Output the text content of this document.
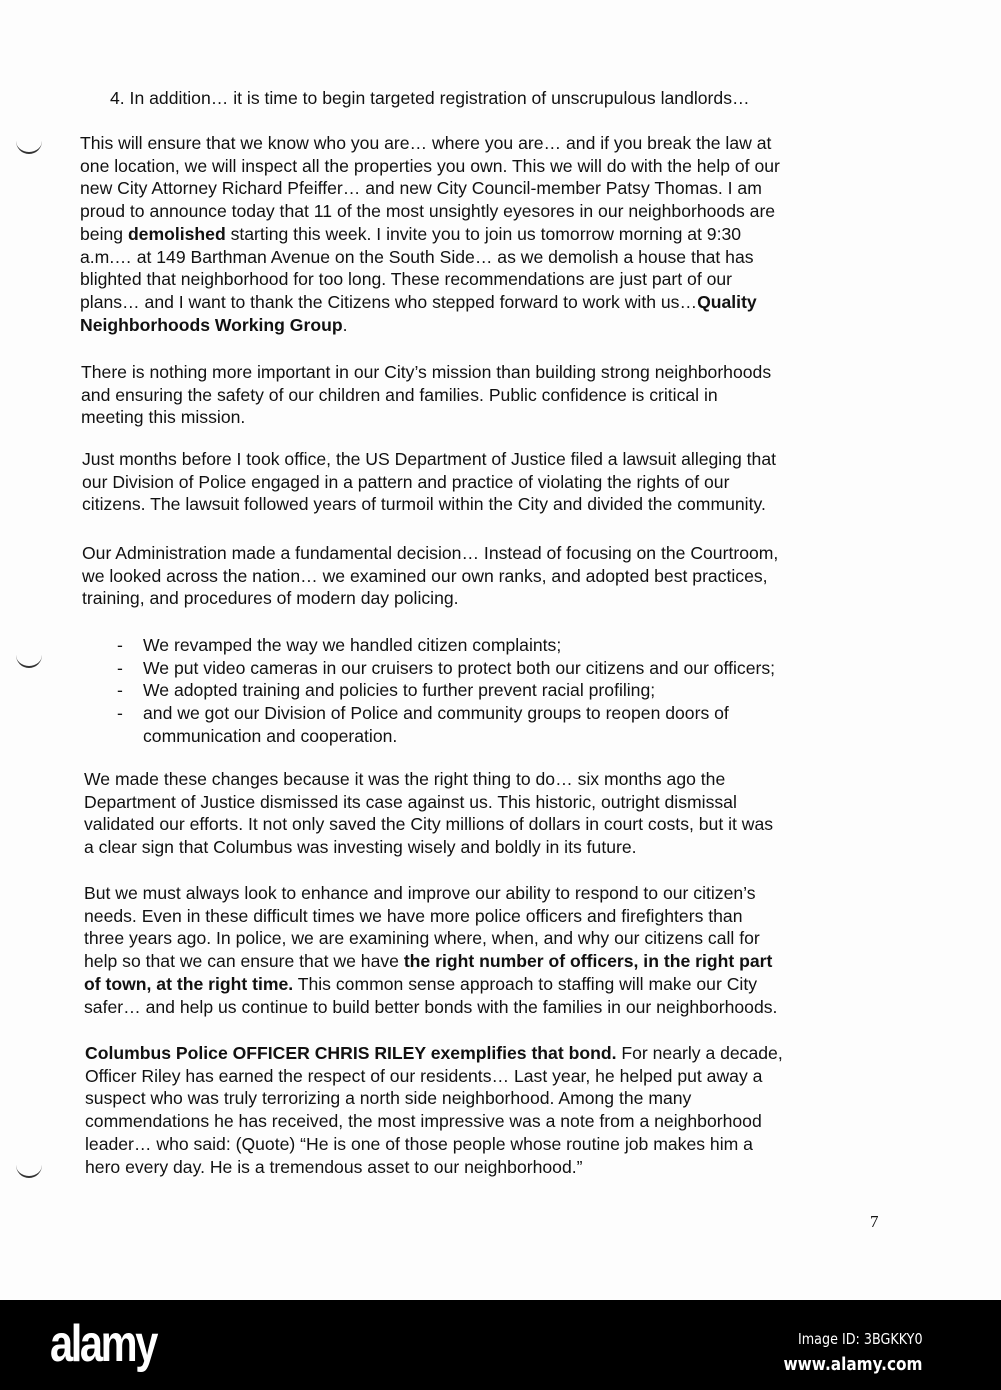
4. In addition… it is time to begin targeted registration of unscrupulous landlords…
This will ensure that we know who you are… where you are… and if you break the law at
one location, we will inspect all the properties you own. This we will do with the help of our
new City Attorney Richard Pfeiffer… and new City Council-member Patsy Thomas. I am
proud to announce today that 11 of the most unsightly eyesores in our neighborhoods are
being demolished starting this week. I invite you to join us tomorrow morning at 9:30
a.m.… at 149 Barthman Avenue on the South Side… as we demolish a house that has
blighted that neighborhood for too long. These recommendations are just part of our
plans… and I want to thank the Citizens who stepped forward to work with us…Quality
Neighborhoods Working Group.
There is nothing more important in our City’s mission than building strong neighborhoods
and ensuring the safety of our children and families. Public confidence is critical in
meeting this mission.
Just months before I took office, the US Department of Justice filed a lawsuit alleging that
our Division of Police engaged in a pattern and practice of violating the rights of our
citizens. The lawsuit followed years of turmoil within the City and divided the community.
Our Administration made a fundamental decision… Instead of focusing on the Courtroom,
we looked across the nation… we examined our own ranks, and adopted best practices,
training, and procedures of modern day policing.
- We revamped the way we handled citizen complaints;
- We put video cameras in our cruisers to protect both our citizens and our officers;
- We adopted training and policies to further prevent racial profiling;
- and we got our Division of Police and community groups to reopen doors of
communication and cooperation.
We made these changes because it was the right thing to do… six months ago the
Department of Justice dismissed its case against us. This historic, outright dismissal
validated our efforts. It not only saved the City millions of dollars in court costs, but it was
a clear sign that Columbus was investing wisely and boldly in its future.
But we must always look to enhance and improve our ability to respond to our citizen’s
needs. Even in these difficult times we have more police officers and firefighters than
three years ago. In police, we are examining where, when, and why our citizens call for
help so that we can ensure that we have the right number of officers, in the right part
of town, at the right time. This common sense approach to staffing will make our City
safer… and help us continue to build better bonds with the families in our neighborhoods.
Columbus Police OFFICER CHRIS RILEY exemplifies that bond. For nearly a decade,
Officer Riley has earned the respect of our residents… Last year, he helped put away a
suspect who was truly terrorizing a north side neighborhood. Among the many
commendations he has received, the most impressive was a note from a neighborhood
leader… who said: (Quote) “He is one of those people whose routine job makes him a
hero every day. He is a tremendous asset to our neighborhood.”
7
alamy	Image ID: 3BGKKY0
www.alamy.com
